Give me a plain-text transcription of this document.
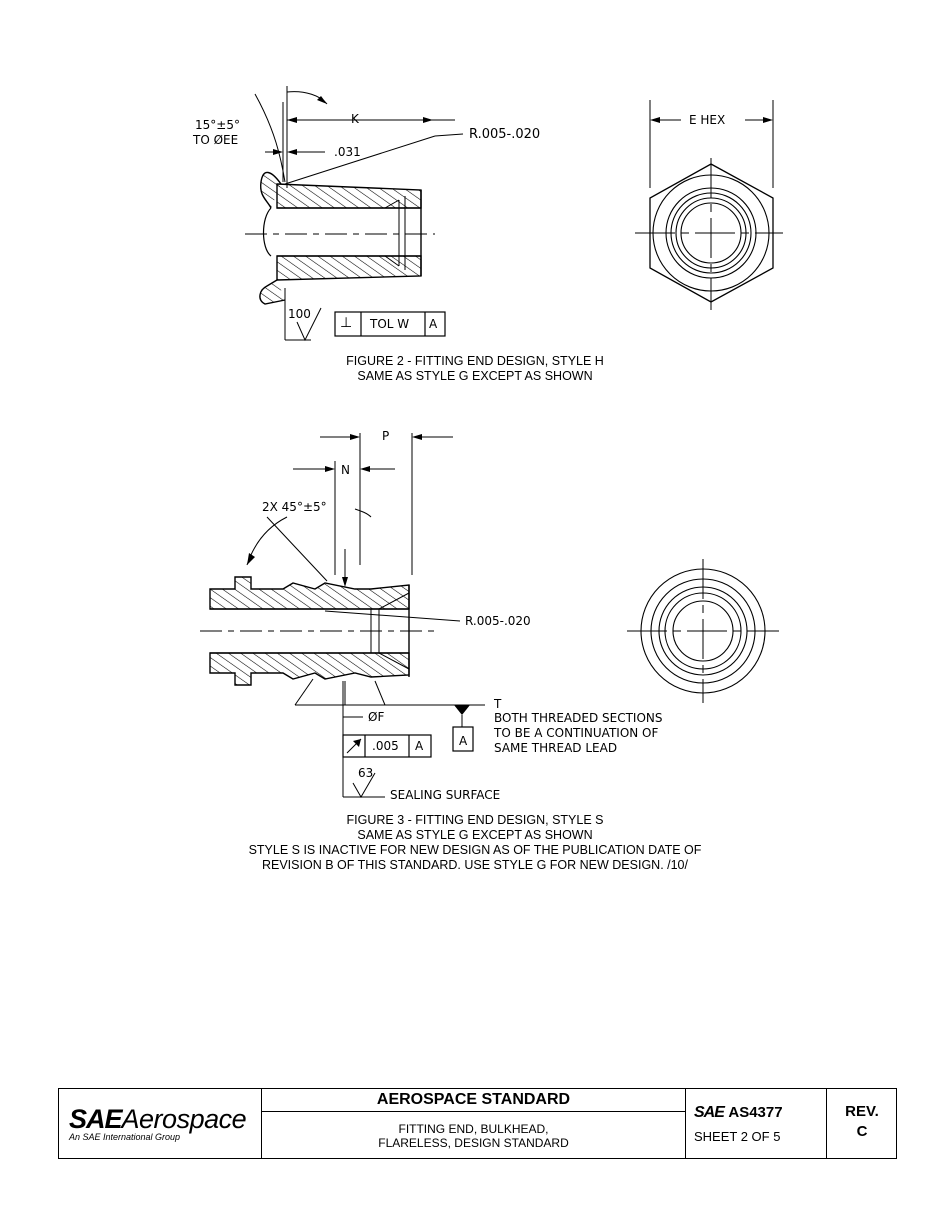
15°±5°
TO ØEE
K
.031
R.005-.020
100
⊥ TOL W A
E HEX
FIGURE 2 - FITTING END DESIGN, STYLE H
SAME AS STYLE G EXCEPT AS SHOWN
P
N
2X 45°±5°
R.005-.020
T
BOTH THREADED SECTIONS
TO BE A CONTINUATION OF
SAME THREAD LEAD
ØF
.005 A	A
63
SEALING SURFACE
FIGURE 3 - FITTING END DESIGN, STYLE S
SAME AS STYLE G EXCEPT AS SHOWN
STYLE S IS INACTIVE FOR NEW DESIGN AS OF THE PUBLICATION DATE OF
REVISION B OF THIS STANDARD. USE STYLE G FOR NEW DESIGN. /10/
SAEAerospace
An SAE International Group
AEROSPACE STANDARD
FITTING END, BULKHEAD,
FLARELESS, DESIGN STANDARD
SAE AS4377
SHEET 2 OF 5
REV.
C
